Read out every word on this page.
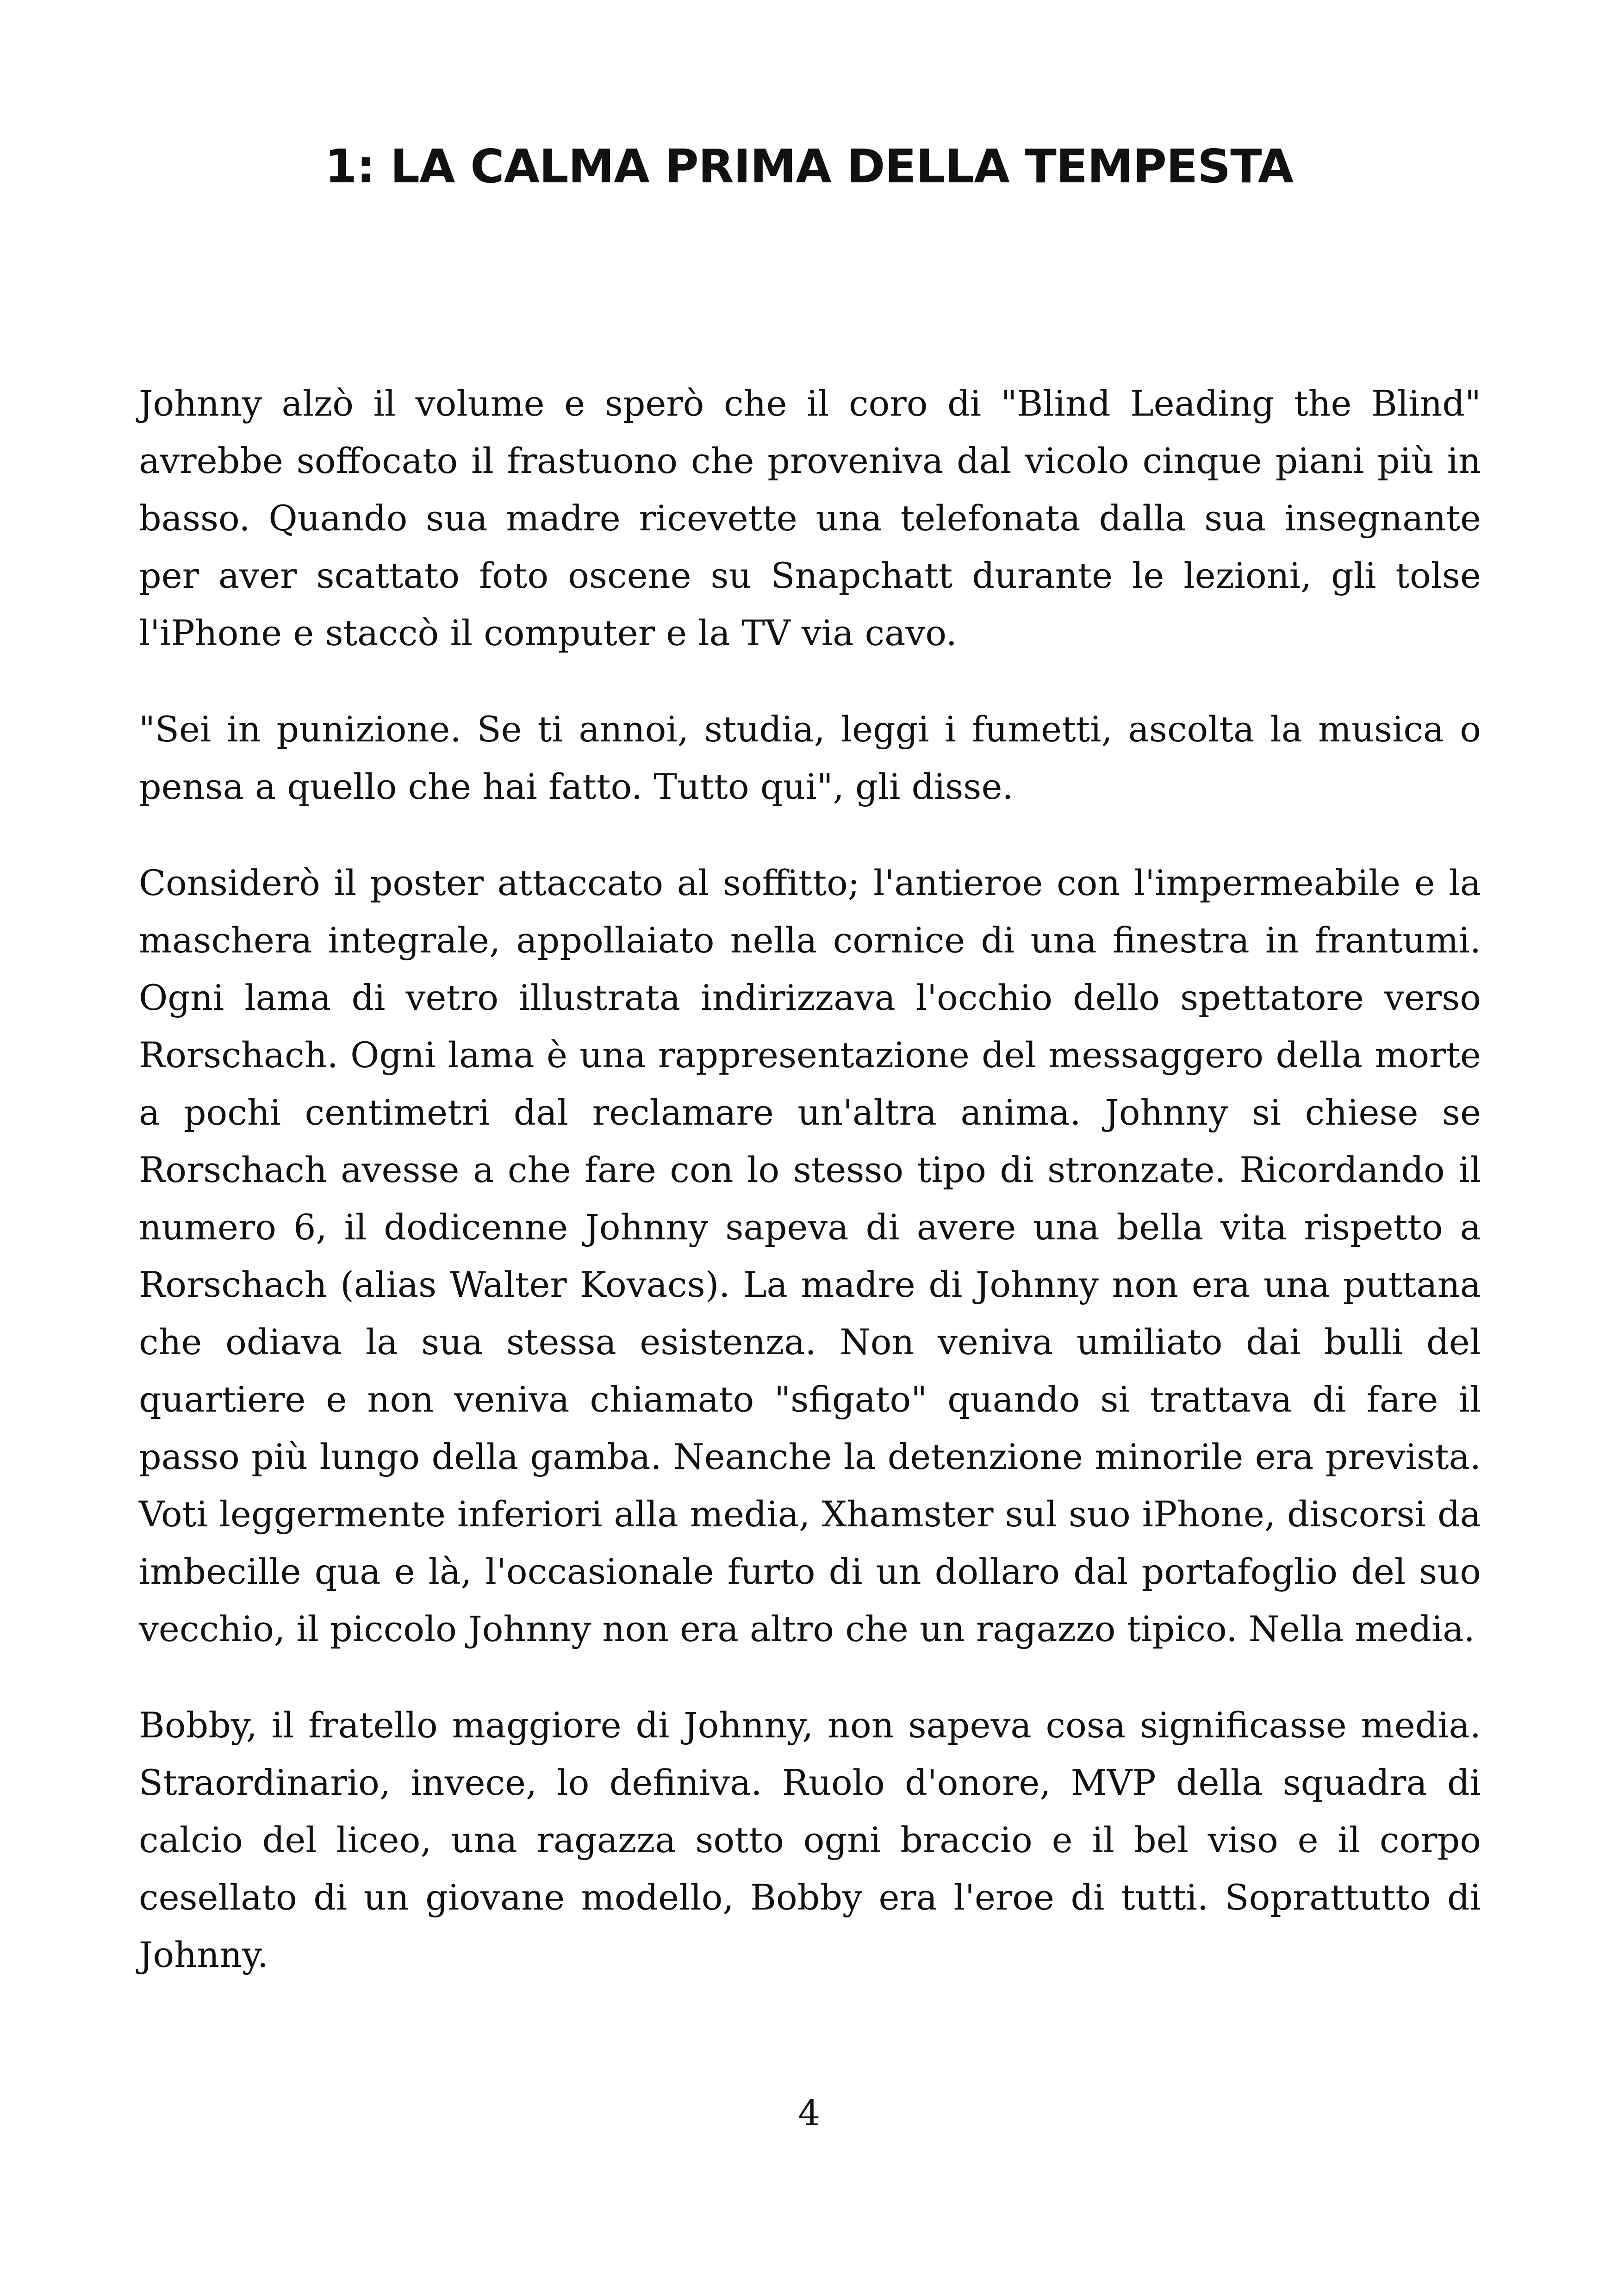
1: LA CALMA PRIMA DELLA TEMPESTA

Johnny alzò il volume e sperò che il coro di "Blind Leading the Blind" avrebbe soffocato il frastuono che proveniva dal vicolo cinque piani più in basso. Quando sua madre ricevette una telefonata dalla sua insegnante per aver scattato foto oscene su Snapchatt durante le lezioni, gli tolse l'iPhone e staccò il computer e la TV via cavo.

"Sei in punizione. Se ti annoi, studia, leggi i fumetti, ascolta la musica o pensa a quello che hai fatto. Tutto qui", gli disse.

Considerò il poster attaccato al soffitto; l'antieroe con l'impermeabile e la maschera integrale, appollaiato nella cornice di una finestra in frantumi. Ogni lama di vetro illustrata indirizzava l'occhio dello spettatore verso Rorschach. Ogni lama è una rappresentazione del messaggero della morte a pochi centimetri dal reclamare un'altra anima. Johnny si chiese se Rorschach avesse a che fare con lo stesso tipo di stronzate. Ricordando il numero 6, il dodicenne Johnny sapeva di avere una bella vita rispetto a Rorschach (alias Walter Kovacs). La madre di Johnny non era una puttana che odiava la sua stessa esistenza. Non veniva umiliato dai bulli del quartiere e non veniva chiamato "sfigato" quando si trattava di fare il passo più lungo della gamba. Neanche la detenzione minorile era prevista. Voti leggermente inferiori alla media, Xhamster sul suo iPhone, discorsi da imbecille qua e là, l'occasionale furto di un dollaro dal portafoglio del suo vecchio, il piccolo Johnny non era altro che un ragazzo tipico. Nella media.

Bobby, il fratello maggiore di Johnny, non sapeva cosa significasse media. Straordinario, invece, lo definiva. Ruolo d'onore, MVP della squadra di calcio del liceo, una ragazza sotto ogni braccio e il bel viso e il corpo cesellato di un giovane modello, Bobby era l'eroe di tutti. Soprattutto di Johnny.

4
